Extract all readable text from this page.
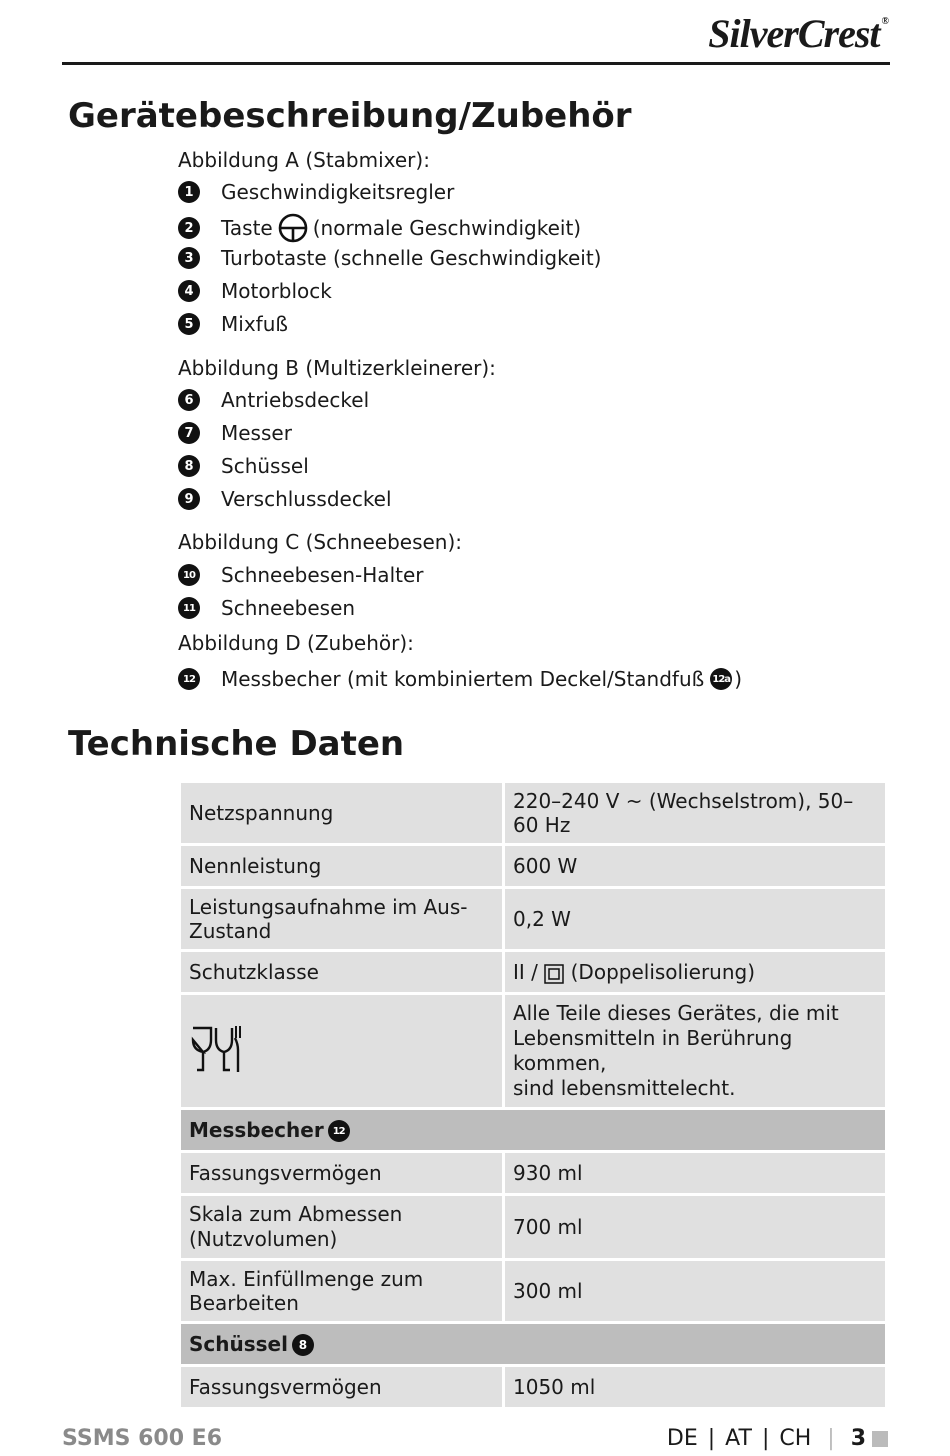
SilverCrest ®
Gerätebeschreibung/Zubehör

Abbildung A (Stabmixer):

1	Geschwindigkeitsregler
2	Taste (normale Geschwindigkeit)
3	Turbotaste (schnelle Geschwindigkeit)
4	Motorblock
5	Mixfuß

Abbildung B (Multizerkleinerer):

6	Antriebsdeckel
7	Messer
8	Schüssel
9	Verschlussdeckel

Abbildung C (Schneebesen):

10 Schneebesen-Halter
11 Schneebesen

Abbildung D (Zubehör):

12 Messbecher (mit kombiniertem Deckel/Standfuß 12a )
Technische Daten
Netzspannung	220–240 V ~ (Wechselstrom), 50–60 Hz
Nennleistung	600 W
Leistungsaufnahme im Aus-Zustand	0,2 W
Schutzklasse	II / (Doppelisolierung)

Alle Teile dieses Gerätes, die mit
Lebensmitteln in Berührung kommen,
sind lebensmittelecht.

Messbecher 12	
Fassungsvermögen	930 ml

Skala zum Abmessen
(Nutzvolumen)	700 ml
Max. Einfüllmenge zum Bearbeiten	300 ml
Schüssel 8	
Fassungsvermögen	1050 ml
SSMS 600 E6	DE | AT | CH | 3
